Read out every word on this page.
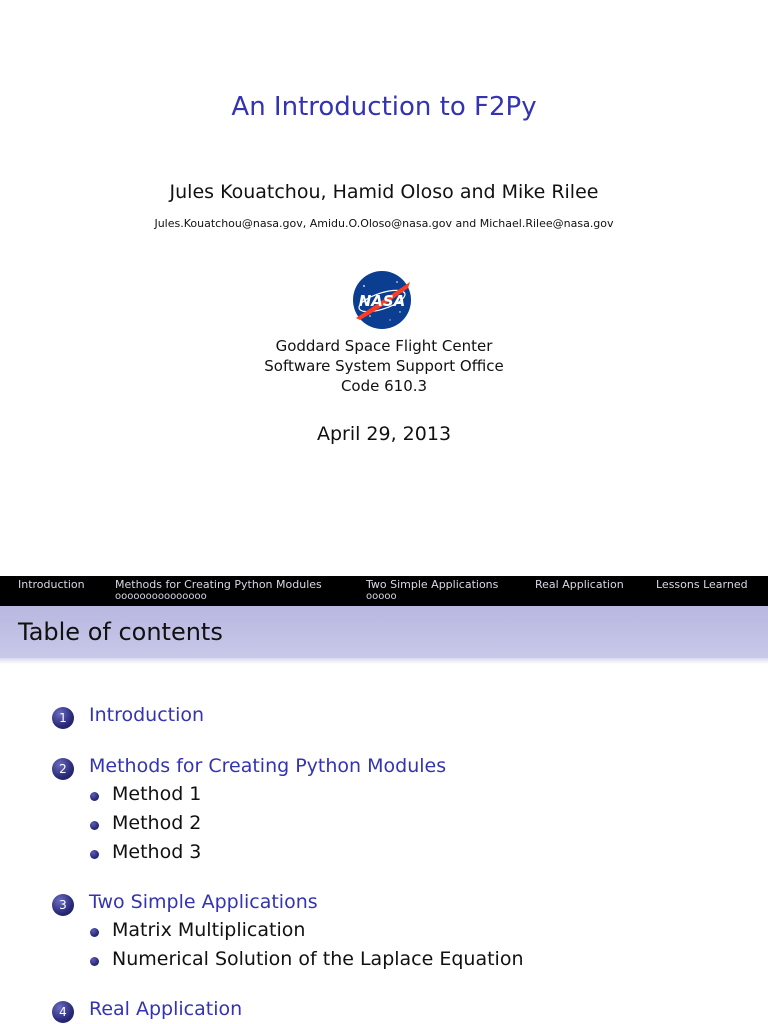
An Introduction to F2Py
Jules Kouatchou, Hamid Oloso and Mike Rilee
Jules.Kouatchou@nasa.gov, Amidu.O.Oloso@nasa.gov and Michael.Rilee@nasa.gov
NASA
Goddard Space Flight Center
Software System Support Office
Code 610.3
April 29, 2013
Introduction	Methods for Creating Python Modules
ooooooooooooooo
Two Simple Applications
ooooo
Real Application	Lessons Learned
Table of contents
1	Introduction
2	Methods for Creating Python Modules
Method 1
Method 2
Method 3
3	Two Simple Applications
Matrix Multiplication
Numerical Solution of the Laplace Equation
4	Real Application
